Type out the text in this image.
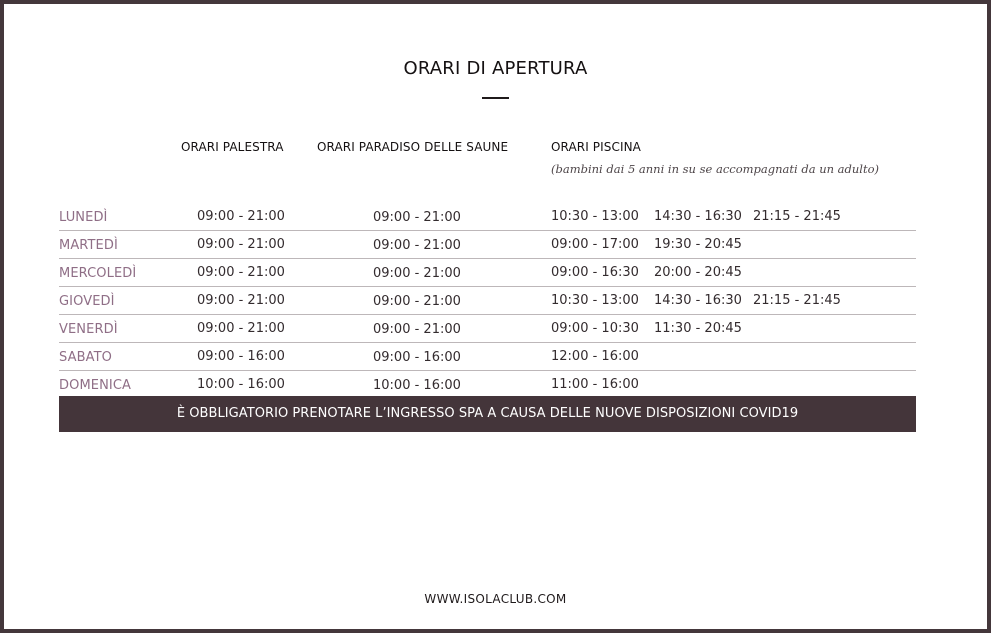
ORARI DI APERTURA
ORARI PALESTRA	ORARI PARADISO DELLE SAUNE	ORARI PISCINA
(bambini dai 5 anni in su se accompagnati da un adulto)
LUNEDÌ	09:00 - 21:00	09:00 - 21:00	10:30 - 13:00 14:30 - 16:30 21:15 - 21:45
MARTEDÌ	09:00 - 21:00	09:00 - 21:00	09:00 - 17:00 19:30 - 20:45
MERCOLEDÌ	09:00 - 21:00	09:00 - 21:00	09:00 - 16:30 20:00 - 20:45
GIOVEDÌ	09:00 - 21:00	09:00 - 21:00	10:30 - 13:00 14:30 - 16:30 21:15 - 21:45
VENERDÌ	09:00 - 21:00	09:00 - 21:00	09:00 - 10:30 11:30 - 20:45
SABATO	09:00 - 16:00	09:00 - 16:00	12:00 - 16:00
DOMENICA	10:00 - 16:00	10:00 - 16:00	11:00 - 16:00
È OBBLIGATORIO PRENOTARE L’INGRESSO SPA A CAUSA DELLE NUOVE DISPOSIZIONI COVID19
WWW.ISOLACLUB.COM
